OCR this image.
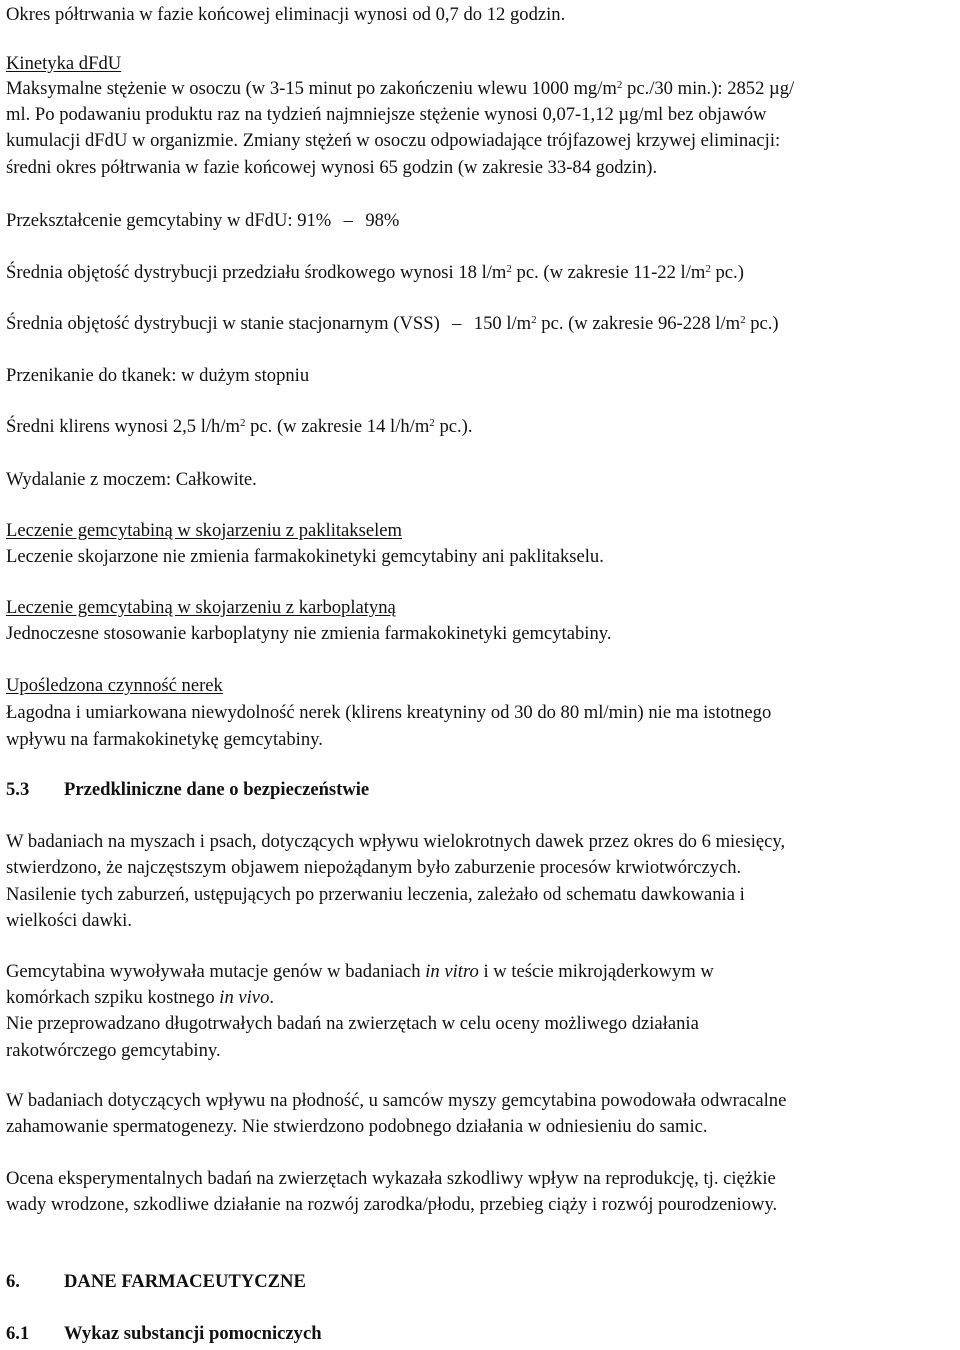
Okres półtrwania w fazie końcowej eliminacji wynosi od 0,7 do 12 godzin.
Kinetyka dFdU
Maksymalne stężenie w osoczu (w 3-15 minut po zakończeniu wlewu 1000 $mg/m^2$ pc./30 min.): 2852 µg/
ml. Po podawaniu produktu raz na tydzień najmniejsze stężenie wynosi 0,07-1,12 µg/ml bez objawów
kumulacji dFdU w organizmie. Zmiany stężeń w osoczu odpowiadające trójfazowej krzywej eliminacji:
średni okres półtrwania w fazie końcowej wynosi 65 godzin (w zakresie 33-84 godzin).
Przekształcenie gemcytabiny w dFdU: 91% – 98%
Średnia objętość dystrybucji przedziału środkowego wynosi 18 $l/m^2$ pc. (w zakresie 11-22 $l/m^2$ pc.)
Średnia objętość dystrybucji w stanie stacjonarnym (VSS) – 150 $l/m^2$ pc. (w zakresie 96-228 $l/m^2$ pc.)
Przenikanie do tkanek: w dużym stopniu
Średni klirens wynosi 2,5 $l/h/m^2$ pc. (w zakresie 14 $l/h/m^2$ pc.).
Wydalanie z moczem: Całkowite.
Leczenie gemcytabiną w skojarzeniu z paklitakselem
Leczenie skojarzone nie zmienia farmakokinetyki gemcytabiny ani paklitakselu.
Leczenie gemcytabiną w skojarzeniu z karboplatyną
Jednoczesne stosowanie karboplatyny nie zmienia farmakokinetyki gemcytabiny.
Upośledzona czynność nerek
Łagodna i umiarkowana niewydolność nerek (klirens kreatyniny od 30 do 80 ml/min) nie ma istotnego
wpływu na farmakokinetykę gemcytabiny.
5.3 Przedkliniczne dane o bezpieczeństwie
W badaniach na myszach i psach, dotyczących wpływu wielokrotnych dawek przez okres do 6 miesięcy,
stwierdzono, że najczęstszym objawem niepożądanym było zaburzenie procesów krwiotwórczych.
Nasilenie tych zaburzeń, ustępujących po przerwaniu leczenia, zależało od schematu dawkowania i
wielkości dawki.
Gemcytabina wywoływała mutacje genów w badaniach in vitro i w teście mikrojąderkowym w
komórkach szpiku kostnego in vivo.
Nie przeprowadzano długotrwałych badań na zwierzętach w celu oceny możliwego działania
rakotwórczego gemcytabiny.
W badaniach dotyczących wpływu na płodność, u samców myszy gemcytabina powodowała odwracalne
zahamowanie spermatogenezy. Nie stwierdzono podobnego działania w odniesieniu do samic.
Ocena eksperymentalnych badań na zwierzętach wykazała szkodliwy wpływ na reprodukcję, tj. ciężkie
wady wrodzone, szkodliwe działanie na rozwój zarodka/płodu, przebieg ciąży i rozwój pourodzeniowy.
6. DANE FARMACEUTYCZNE
6.1 Wykaz substancji pomocniczych
